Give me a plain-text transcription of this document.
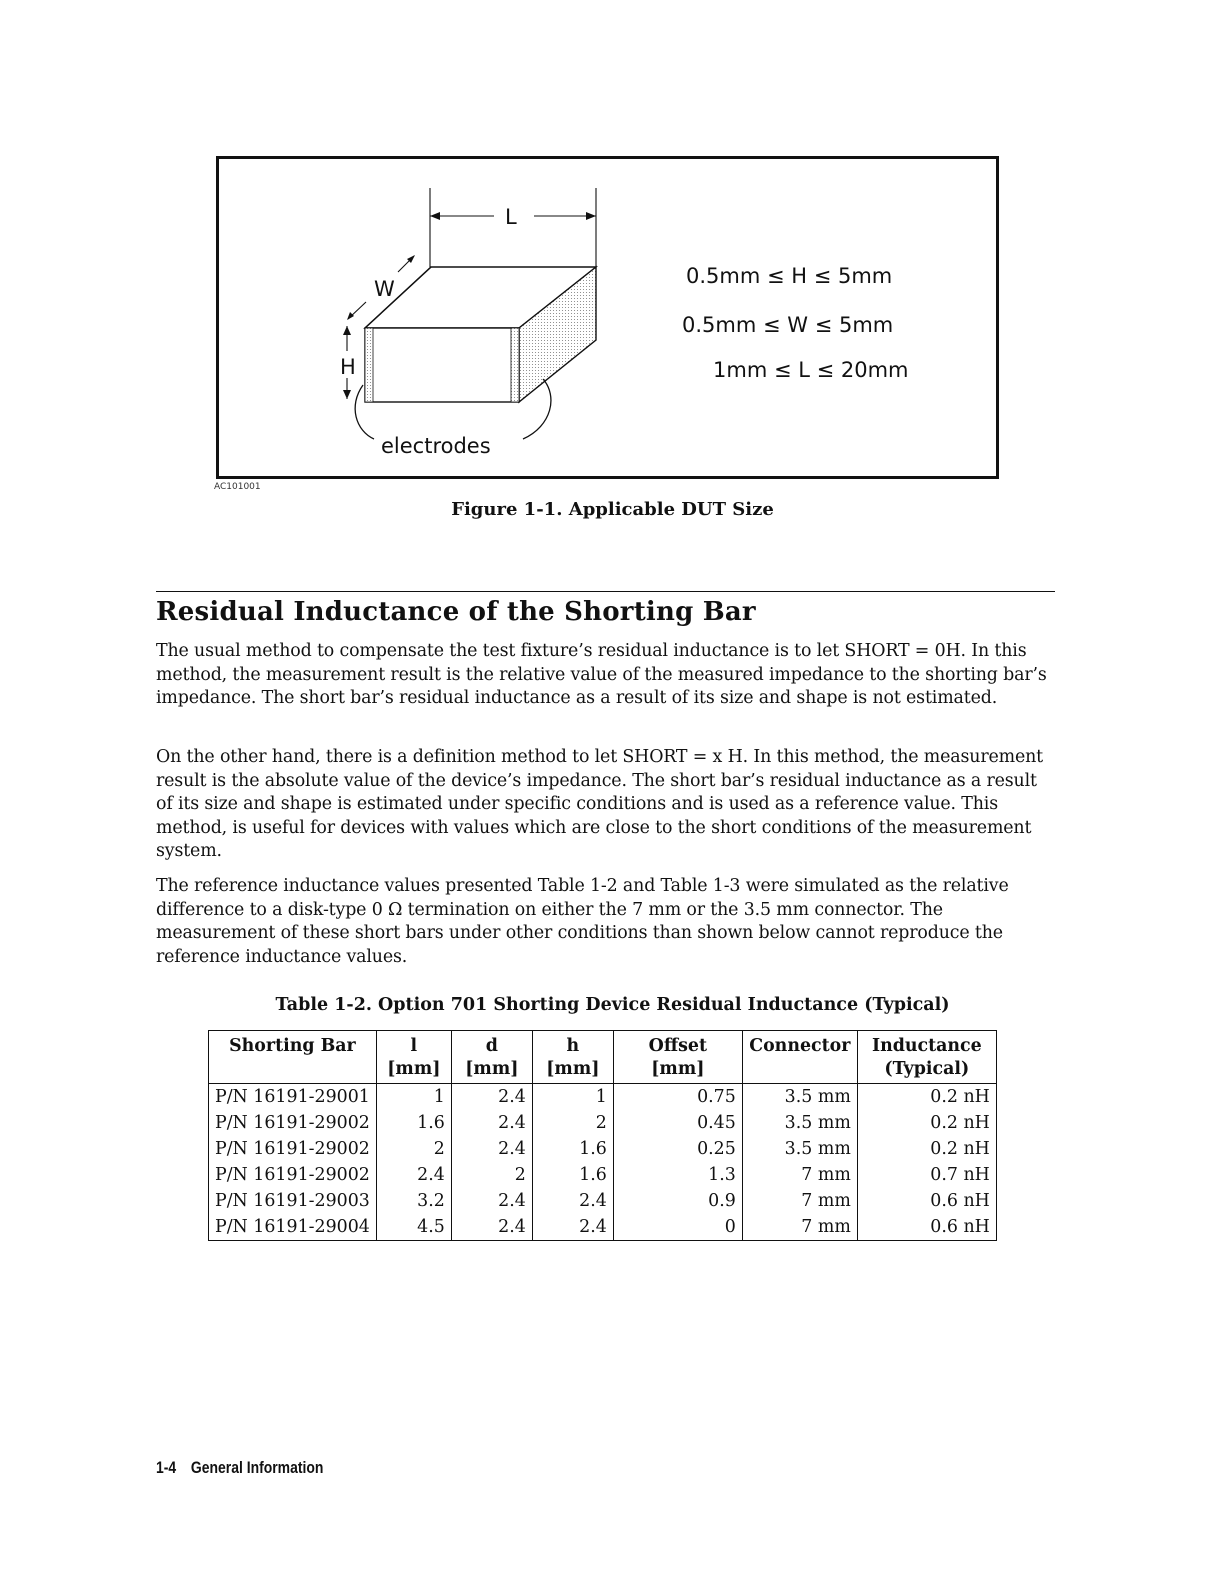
L
W
H
electrodes
0.5mm ≤ H ≤ 5mm
0.5mm ≤ W ≤ 5mm
1mm ≤ L ≤ 20mm
AC101001
Figure 1-1. Applicable DUT Size
Residual Inductance of the Shorting Bar
The usual method to compensate the test fixture’s residual inductance is to let SHORT = 0H. In this method, the measurement result is the relative value of the measured impedance to the shorting bar’s impedance. The short bar’s residual inductance as a result of its size and shape is not estimated.
On the other hand, there is a definition method to let SHORT = x H. In this method, the measurement result is the absolute value of the device’s impedance. The short bar’s residual inductance as a result of its size and shape is estimated under specific conditions and is used as a reference value. This method, is useful for devices with values which are close to the short conditions of the measurement system.
The reference inductance values presented Table 1-2 and Table 1-3 were simulated as the relative difference to a disk-type 0 Ω termination on either the 7 mm or the 3.5 mm connector. The measurement of these short bars under other conditions than shown below cannot reproduce the reference inductance values.
Table 1-2. Option 701 Shorting Device Residual Inductance (Typical)
Shorting Bar	l [mm]	d [mm]	h [mm]	Offset [mm]	Connector	Inductance (Typical)
P/N 16191-29001	1	2.4	1	0.75	3.5 mm	0.2 nH
P/N 16191-29002	1.6	2.4	2	0.45	3.5 mm	0.2 nH
P/N 16191-29002	2	2.4	1.6	0.25	3.5 mm	0.2 nH
P/N 16191-29002	2.4	2	1.6	1.3	7 mm	0.7 nH
P/N 16191-29003	3.2	2.4	2.4	0.9	7 mm	0.6 nH
P/N 16191-29004	4.5	2.4	2.4	0	7 mm	0.6 nH
1-4 General Information
